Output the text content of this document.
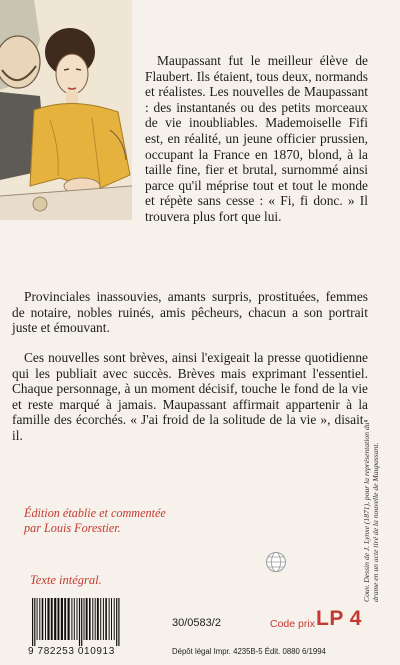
Maupassant fut le meilleur élève de Flaubert. Ils étaient, tous deux, normands et réalistes. Les nouvelles de Maupassant : des instantanés ou des petits morceaux de vie inoubliables. Mademoiselle Fifi est, en réalité, un jeune officier prussien, occupant la France en 1870, blond, à la taille fine, fier et brutal, surnommé ainsi parce qu'il méprise tout et tout le monde et répète sans cesse : « Fi, fi donc. » Il trouvera plus fort que lui.

Provinciales inassouvies, amants surpris, prostituées, femmes de notaire, nobles ruinés, amis pêcheurs, chacun a son portrait juste et émouvant.

Ces nouvelles sont brèves, ainsi l'exigeait la presse quotidienne qui les publiait avec succès. Brèves mais exprimant l'essentiel. Chaque personnage, à un moment décisif, touche le fond de la vie et reste marqué à jamais. Maupassant affirmait appartenir à la famille des écorchés. « J'ai froid de la solitude de la vie », disait-il.

Édition établie et commentée
par Louis Forestier.

Texte intégral.	Couv. Dessin de J. Lynxe (1871), pour la représentation du drame en un acte tiré de la nouvelle de Maupassant.
9 782253 010913
30/0583/2	Code prix LP 4
Dépôt légal Impr. 4235B-5 Édit. 0880 6/1994
